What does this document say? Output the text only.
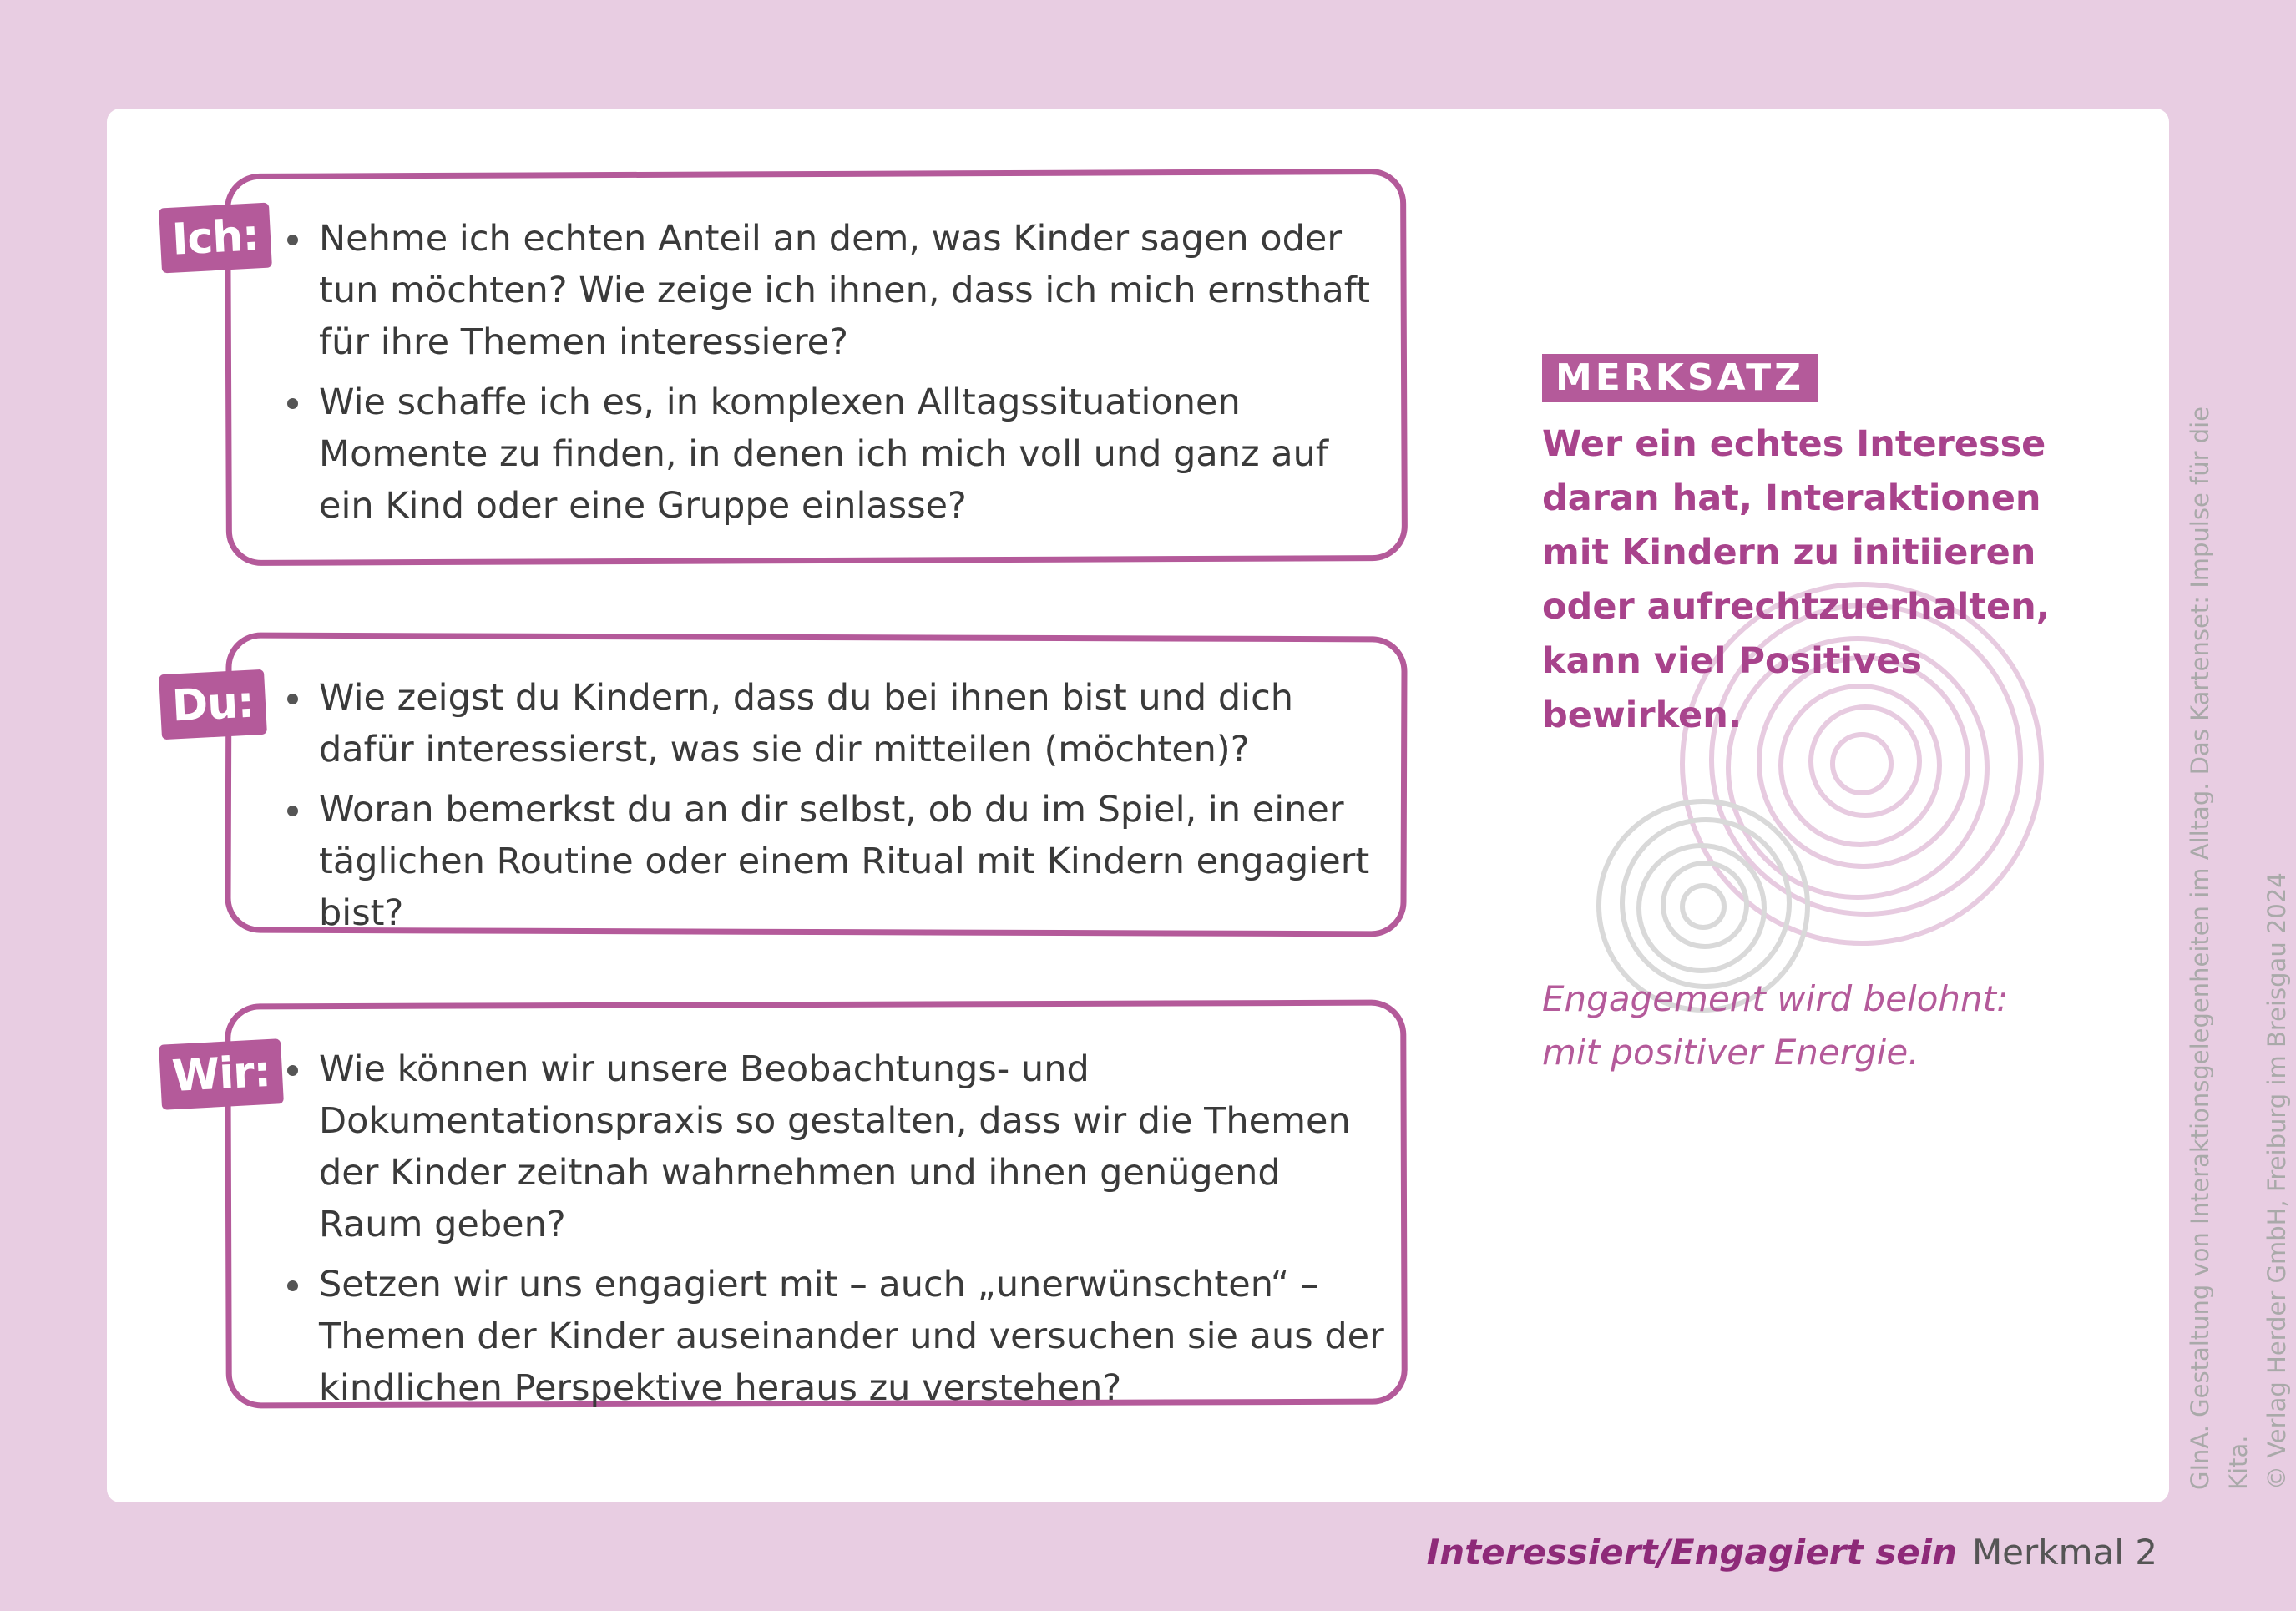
Ich:	Nehme ich echten Anteil an dem, was Kinder sagen oder tun möchten? Wie zeige ich ihnen, dass ich mich ernsthaft für ihre Themen interessiere?
Wie schaffe ich es, in komplexen Alltagssituationen Momente zu finden, in denen ich mich voll und ganz auf ein Kind oder eine Gruppe einlasse?
Du:	Wie zeigst du Kindern, dass du bei ihnen bist und dich dafür interessierst, was sie dir mitteilen (möchten)?
Woran bemerkst du an dir selbst, ob du im Spiel, in einer täglichen Routine oder einem Ritual mit Kindern engagiert bist?
Wir:	Wie können wir unsere Beobachtungs- und Dokumentationspraxis so gestalten, dass wir die Themen der Kinder zeitnah wahrnehmen und ihnen genügend Raum geben?
Setzen wir uns engagiert mit – auch „unerwünschten“ – Themen der Kinder auseinander und versuchen sie aus der kindlichen Perspektive heraus zu verstehen?
MERKSATZ
Wer ein echtes Interesse daran hat, Interaktionen mit Kindern zu initiieren oder aufrechtzuerhalten, kann viel Positives bewirken.
Engagement wird belohnt:
mit positiver Energie.	GInA. Gestaltung von Interaktionsgelegenheiten im Alltag. Das Kartenset: Impulse für die Kita. © Verlag Herder GmbH, Freiburg im Breisgau 2024
Interessiert/Engagiert sein Merkmal 2
